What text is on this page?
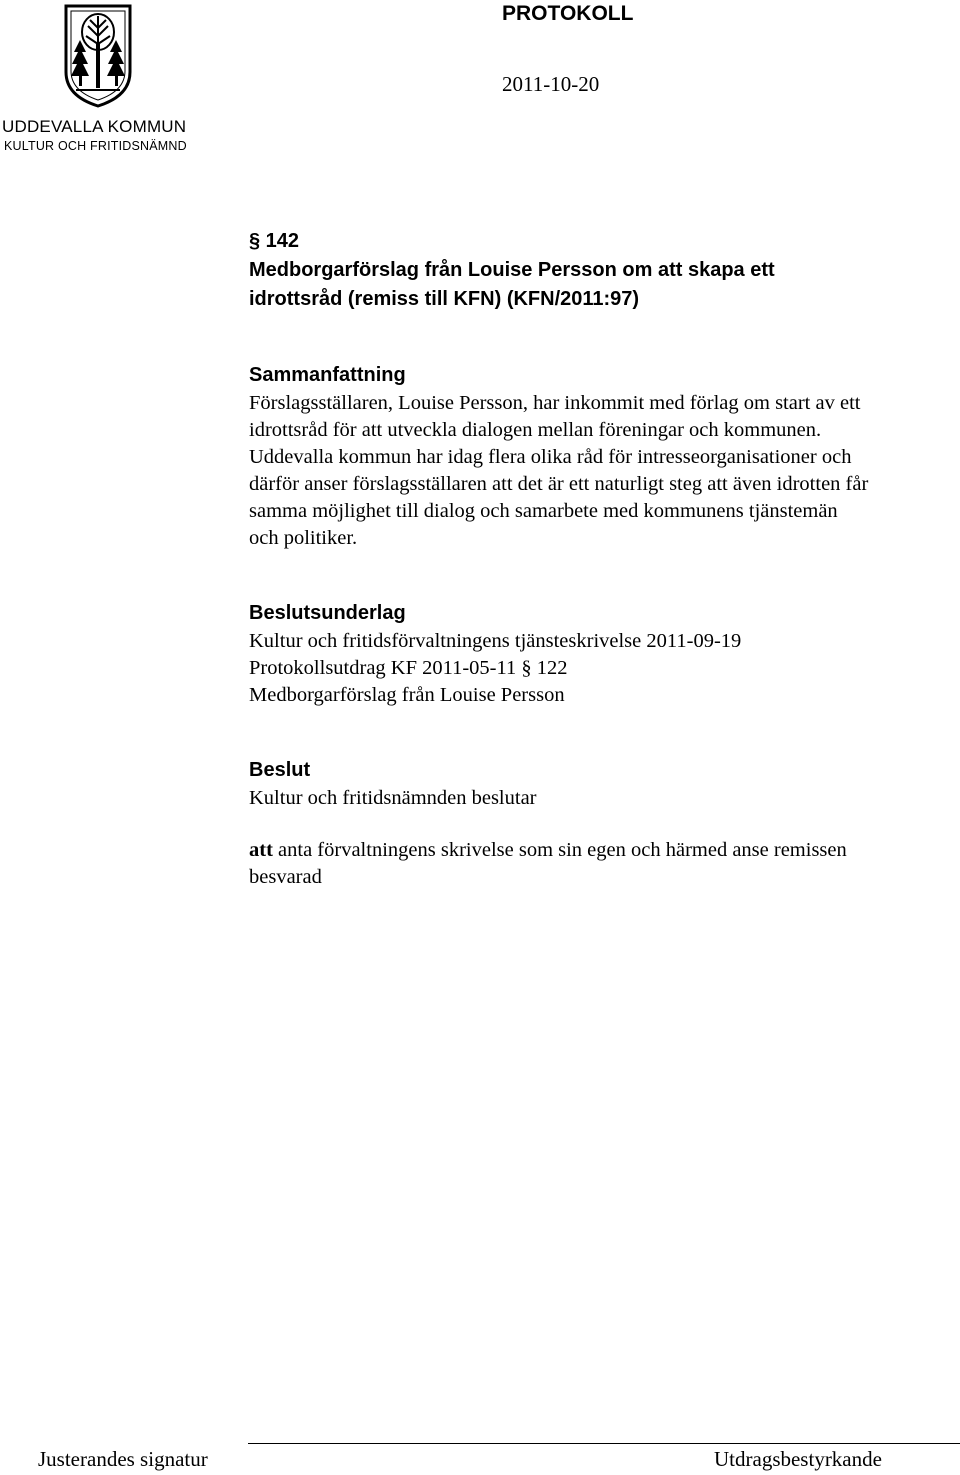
UDDEVALLA KOMMUN
KULTUR OCH FRITIDSNÄMND
PROTOKOLL
2011-10-20
§ 142
Medborgarförslag från Louise Persson om att skapa ett
idrottsråd (remiss till KFN) (KFN/2011:97)
Sammanfattning
Förslagsställaren, Louise Persson, har inkommit med förlag om start av ett
idrottsråd för att utveckla dialogen mellan föreningar och kommunen.
Uddevalla kommun har idag flera olika råd för intresseorganisationer och
därför anser förslagsställaren att det är ett naturligt steg att även idrotten får
samma möjlighet till dialog och samarbete med kommunens tjänstemän
och politiker.
Beslutsunderlag
Kultur och fritidsförvaltningens tjänsteskrivelse 2011-09-19
Protokollsutdrag KF 2011-05-11 § 122
Medborgarförslag från Louise Persson
Beslut
Kultur och fritidsnämnden beslutar
att anta förvaltningens skrivelse som sin egen och härmed anse remissen
besvarad
Justerandes signatur	Utdragsbestyrkande
